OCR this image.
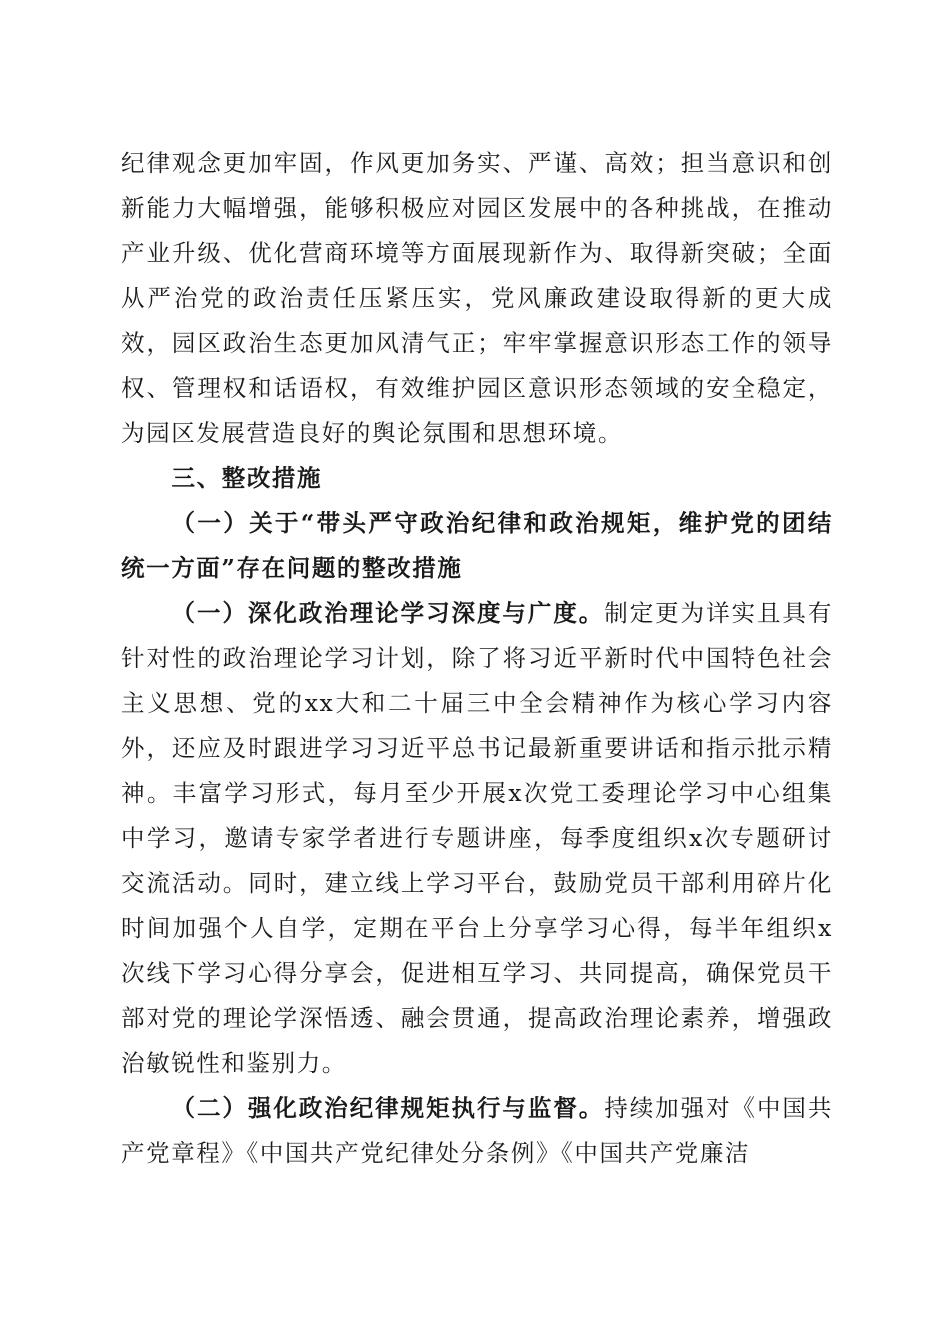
纪律观念更加牢固，作风更加务实、严谨、高效；担当意识和创新能力大幅增强，能够积极应对园区发展中的各种挑战，在推动产业升级、优化营商环境等方面展现新作为、取得新突破；全面从严治党的政治责任压紧压实，党风廉政建设取得新的更大成效，园区政治生态更加风清气正；牢牢掌握意识形态工作的领导权、管理权和话语权，有效维护园区意识形态领域的安全稳定，为园区发展营造良好的舆论氛围和思想环境。

三、整改措施

（一）关于“带头严守政治纪律和政治规矩，维护党的团结统一方面”存在问题的整改措施

（一）深化政治理论学习深度与广度。制定更为详实且具有针对性的政治理论学习计划，除了将习近平新时代中国特色社会主义思想、党的xx大和二十届三中全会精神作为核心学习内容外，还应及时跟进学习习近平总书记最新重要讲话和指示批示精神。丰富学习形式，每月至少开展x次党工委理论学习中心组集中学习，邀请专家学者进行专题讲座，每季度组织x次专题研讨交流活动。同时，建立线上学习平台，鼓励党员干部利用碎片化时间加强个人自学，定期在平台上分享学习心得，每半年组织x次线下学习心得分享会，促进相互学习、共同提高，确保党员干部对党的理论学深悟透、融会贯通，提高政治理论素养，增强政治敏锐性和鉴别力。

（二）强化政治纪律规矩执行与监督。持续加强对《中国共产党章程》《中国共产党纪律处分条例》《中国共产党廉洁
